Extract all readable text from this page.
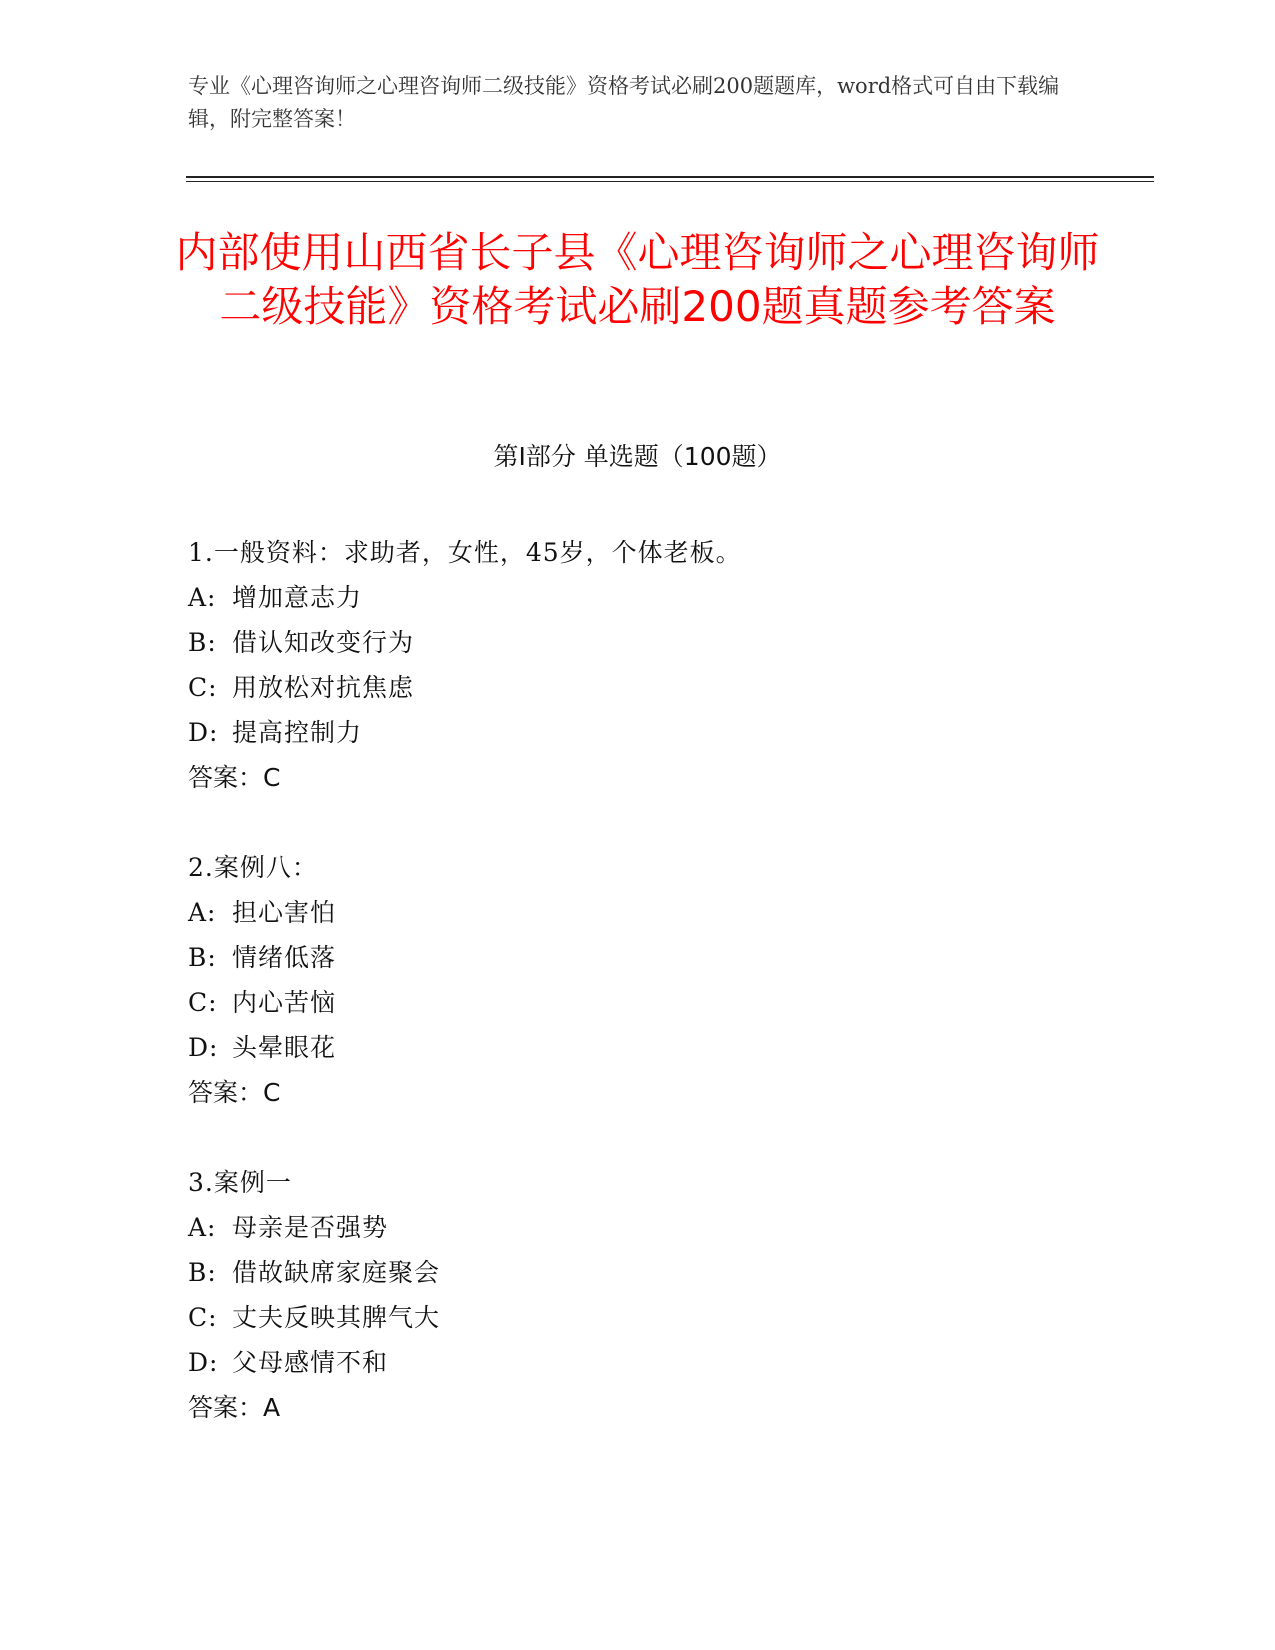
专业《心理咨询师之心理咨询师二级技能》资格考试必刷200题题库，word格式可自由下载编辑，附完整答案！
内部使用山西省长子县《心理咨询师之心理咨询师二级技能》资格考试必刷200题真题参考答案
第Ⅰ部分 单选题（100题）
1.一般资料：求助者，女性，45岁，个体老板。
A: 增加意志力
B: 借认知改变行为
C: 用放松对抗焦虑
D: 提高控制力
答案：C
2.案例八：
A: 担心害怕
B: 情绪低落
C: 内心苦恼
D: 头晕眼花
答案：C
3.案例一
A: 母亲是否强势
B: 借故缺席家庭聚会
C: 丈夫反映其脾气大
D: 父母感情不和
答案：A
